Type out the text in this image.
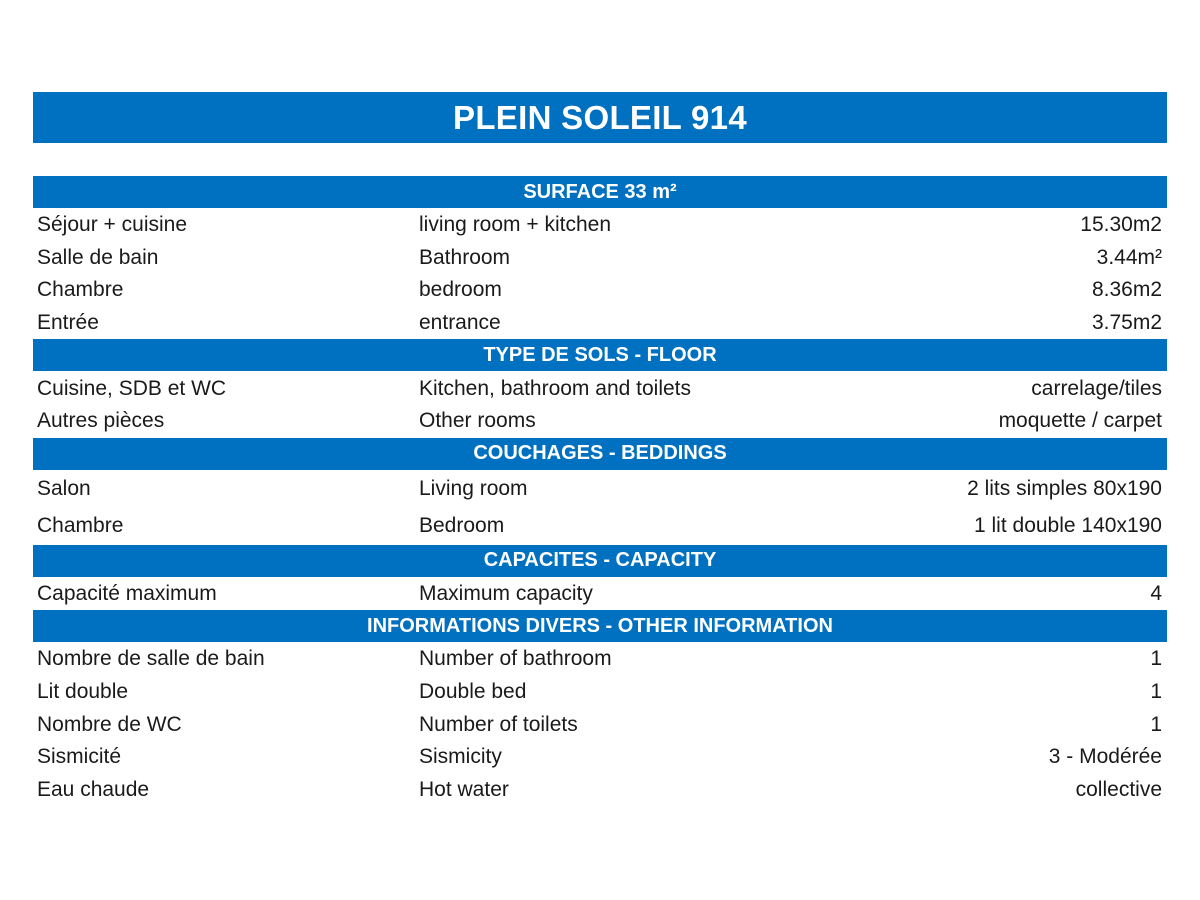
PLEIN SOLEIL 914
SURFACE 33 m²
Séjour + cuisine	living room + kitchen	15.30m2
Salle de bain	Bathroom	3.44m²
Chambre	bedroom	8.36m2
Entrée	entrance	3.75m2
TYPE DE SOLS - FLOOR
Cuisine, SDB et WC	Kitchen, bathroom and toilets	carrelage/tiles
Autres pièces	Other rooms	moquette / carpet
COUCHAGES - BEDDINGS
Salon	Living room	2 lits simples 80x190
Chambre	Bedroom	1 lit double 140x190
CAPACITES - CAPACITY
Capacité maximum	Maximum capacity	4
INFORMATIONS DIVERS - OTHER INFORMATION
Nombre de salle de bain	Number of bathroom	1
Lit double	Double bed	1
Nombre de WC	Number of toilets	1
Sismicité	Sismicity	3 - Modérée
Eau chaude	Hot water	collective
